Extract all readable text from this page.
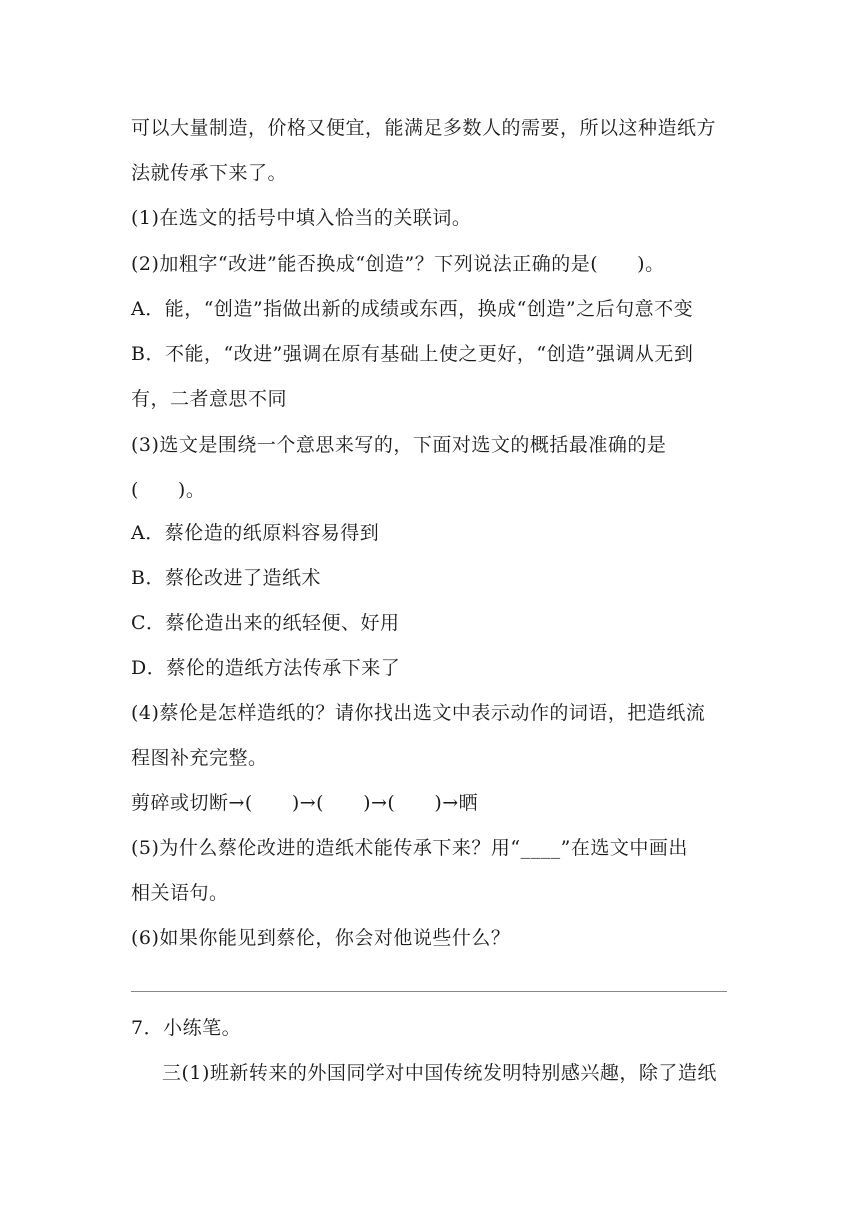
可以大量制造，价格又便宜，能满足多数人的需要，所以这种造纸方
法就传承下来了。
(1)在选文的括号中填入恰当的关联词。
(2)加粗字“改进”能否换成“创造”？下列说法正确的是(　　)。
A．能，“创造”指做出新的成绩或东西，换成“创造”之后句意不变
B．不能，“改进”强调在原有基础上使之更好，“创造”强调从无到
有，二者意思不同
(3)选文是围绕一个意思来写的，下面对选文的概括最准确的是
(　　)。
A．蔡伦造的纸原料容易得到
B．蔡伦改进了造纸术
C．蔡伦造出来的纸轻便、好用
D．蔡伦的造纸方法传承下来了
(4)蔡伦是怎样造纸的？请你找出选文中表示动作的词语，把造纸流
程图补充完整。
剪碎或切断→(　　)→(　　)→(　　)→晒
(5)为什么蔡伦改进的造纸术能传承下来？用“____”在选文中画出
相关语句。
(6)如果你能见到蔡伦，你会对他说些什么？
7．小练笔。
三(1)班新转来的外国同学对中国传统发明特别感兴趣，除了造纸
